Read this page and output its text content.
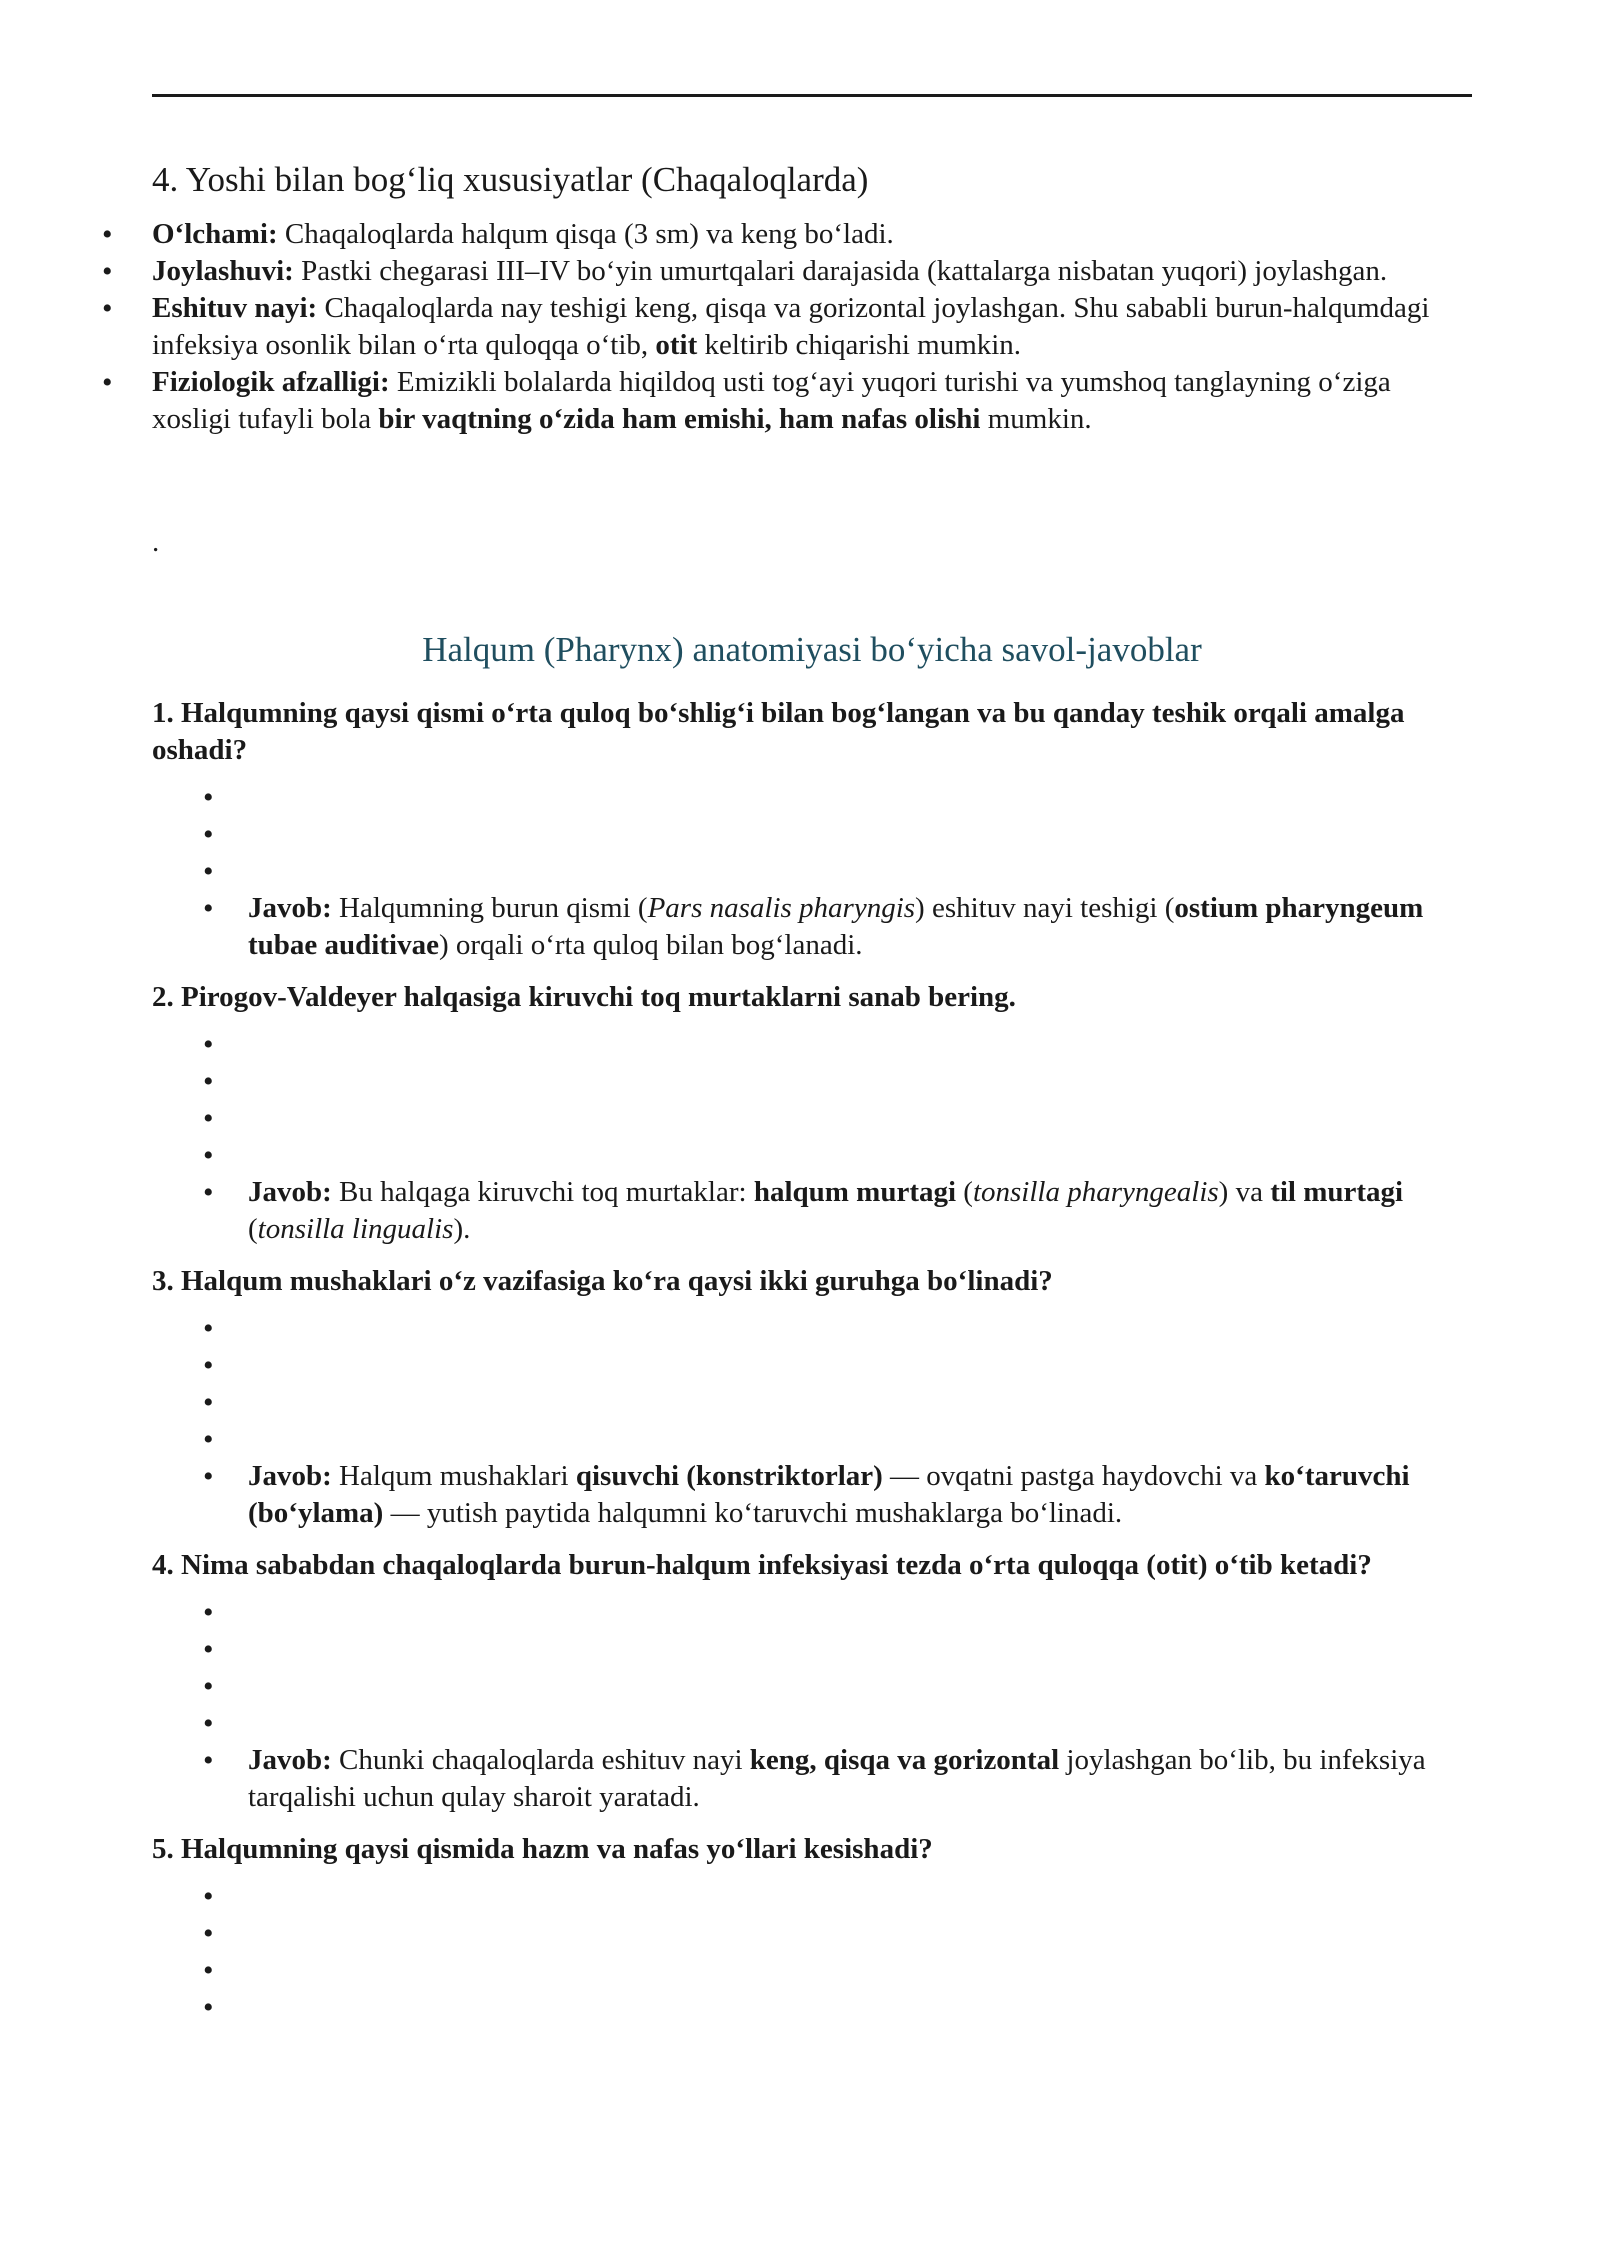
4. Yoshi bilan bog‘liq xususiyatlar (Chaqaloqlarda)
• O‘lchami: Chaqaloqlarda halqum qisqa (3 sm) va keng bo‘ladi.
• Joylashuvi: Pastki chegarasi III–IV bo‘yin umurtqalari darajasida (kattalarga nisbatan yuqori) joylashgan.
• Eshituv nayi: Chaqaloqlarda nay teshigi keng, qisqa va gorizontal joylashgan. Shu sababli burun-halqumdagi infeksiya osonlik bilan o‘rta quloqqa o‘tib, otit keltirib chiqarishi mumkin.
• Fiziologik afzalligi: Emizikli bolalarda hiqildoq usti tog‘ayi yuqori turishi va yumshoq tanglayning o‘ziga xosligi tufayli bola bir vaqtning o‘zida ham emishi, ham nafas olishi mumkin.
.
Halqum (Pharynx) anatomiyasi bo‘yicha savol-javoblar

1. Halqumning qaysi qismi o‘rta quloq bo‘shlig‘i bilan bog‘langan va bu qanday teshik orqali amalga oshadi?

•
•
•
• Javob: Halqumning burun qismi (Pars nasalis pharyngis) eshituv nayi teshigi (ostium pharyngeum tubae auditivae) orqali o‘rta quloq bilan bog‘lanadi.

2. Pirogov-Valdeyer halqasiga kiruvchi toq murtaklarni sanab bering.

•
•
•
•
• Javob: Bu halqaga kiruvchi toq murtaklar: halqum murtagi (tonsilla pharyngealis) va til murtagi (tonsilla lingualis).

3. Halqum mushaklari o‘z vazifasiga ko‘ra qaysi ikki guruhga bo‘linadi?

•
•
•
•
• Javob: Halqum mushaklari qisuvchi (konstriktorlar) — ovqatni pastga haydovchi va ko‘taruvchi (bo‘ylama) — yutish paytida halqumni ko‘taruvchi mushaklarga bo‘linadi.

4. Nima sababdan chaqaloqlarda burun-halqum infeksiyasi tezda o‘rta quloqqa (otit) o‘tib ketadi?

•
•
•
•
• Javob: Chunki chaqaloqlarda eshituv nayi keng, qisqa va gorizontal joylashgan bo‘lib, bu infeksiya tarqalishi uchun qulay sharoit yaratadi.

5. Halqumning qaysi qismida hazm va nafas yo‘llari kesishadi?

•
•
•
•
